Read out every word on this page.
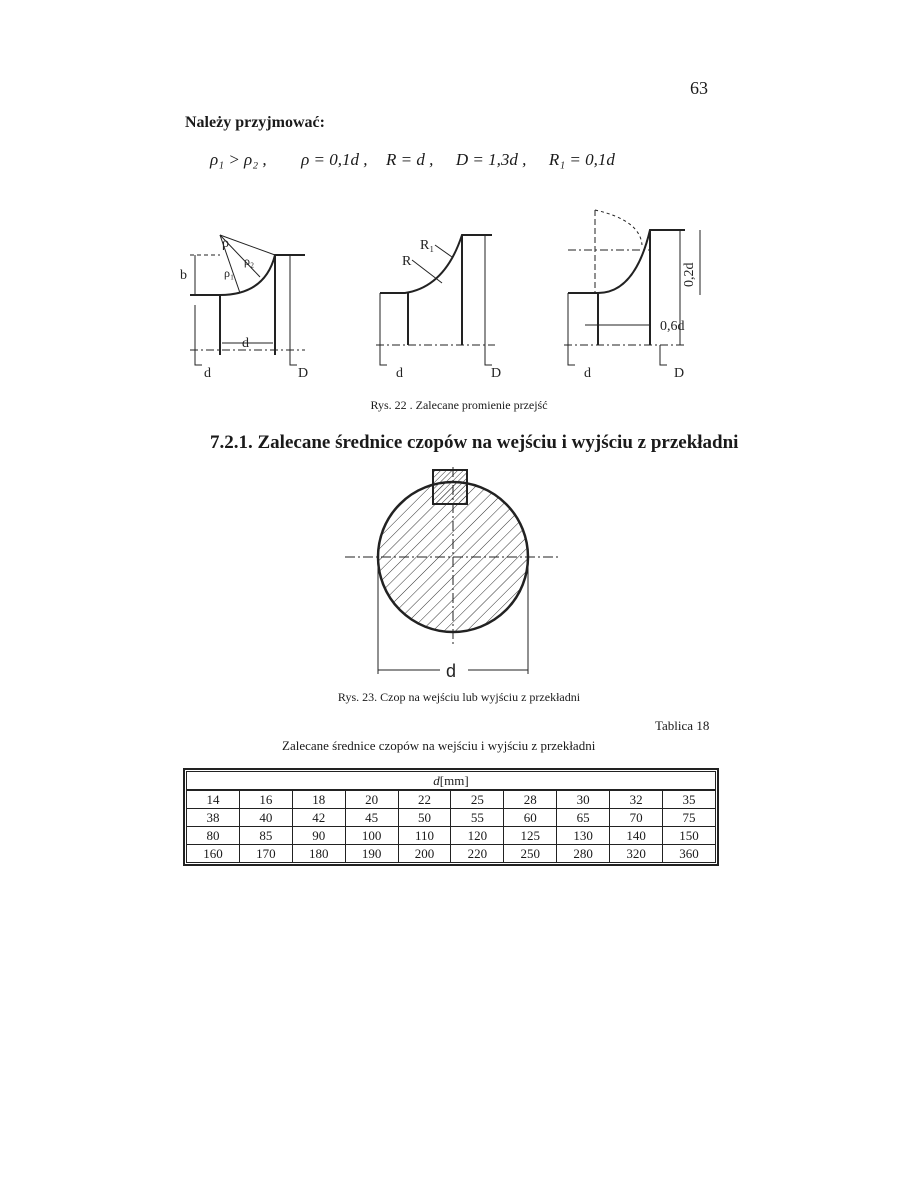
63
Należy przyjmować:
ρ₁ > ρ₂ , ρ = 0,1d , R = d , D = 1,3d , R₁ = 0,1d
ρ
ρ₁
ρ₂
b
d
d	D
R
R₁
d	D	d	D
0,6d
0,2d
Rys. 22 . Zalecane promienie przejść
7.2.1. Zalecane średnice czopów na wejściu i wyjściu z przekładni
d
Rys. 23. Czop na wejściu lub wyjściu z przekładni
Tablica 18
Zalecane średnice czopów na wejściu i wyjściu z przekładni
d[mm]									
14	16	18	20	22	25	28	30	32	35
38	40	42	45	50	55	60	65	70	75
80	85	90	100	110	120	125	130	140	150
160	170	180	190	200	220	250	280	320	360
